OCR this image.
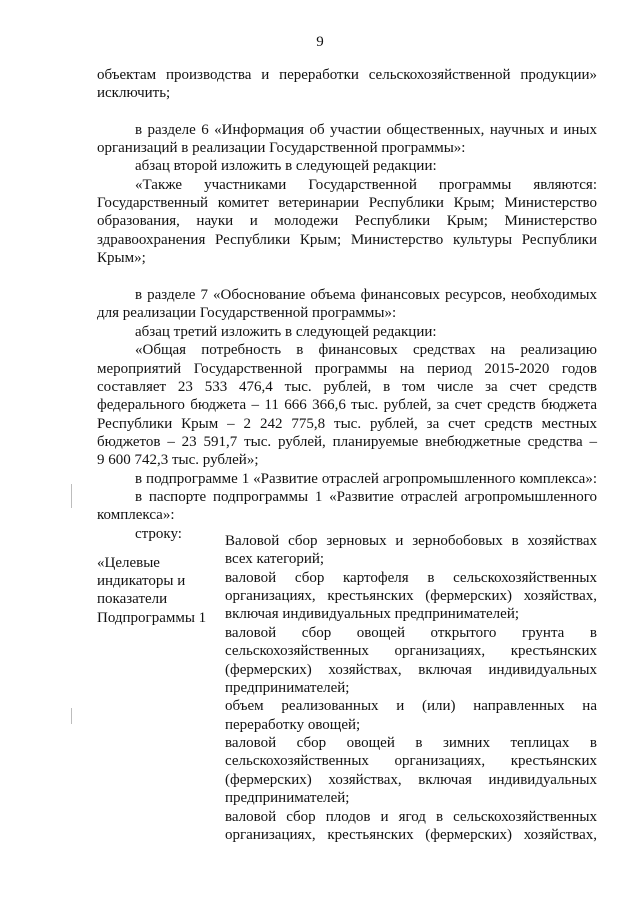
9
объектам производства и переработки сельскохозяйственной продукции»
исключить;
в разделе 6 «Информация об участии общественных, научных и иных
организаций в реализации Государственной программы»:
абзац второй изложить в следующей редакции:
«Также участниками Государственной программы являются:
Государственный комитет ветеринарии Республики Крым; Министерство
образования, науки и молодежи Республики Крым; Министерство
здравоохранения Республики Крым; Министерство культуры Республики
Крым»;
в разделе 7 «Обоснование объема финансовых ресурсов, необходимых
для реализации Государственной программы»:
абзац третий изложить в следующей редакции:
«Общая потребность в финансовых средствах на реализацию
мероприятий Государственной программы на период 2015-2020 годов
составляет 23 533 476,4 тыс. рублей, в том числе за счет средств
федерального бюджета – 11 666 366,6 тыс. рублей, за счет средств бюджета
Республики Крым – 2 242 775,8 тыс. рублей, за счет средств местных
бюджетов – 23 591,7 тыс. рублей, планируемые внебюджетные средства –
9 600 742,3 тыс. рублей»;
в подпрограмме 1 «Развитие отраслей агропромышленного комплекса»:
в паспорте подпрограммы 1 «Развитие отраслей агропромышленного
комплекса»:
строку:
«Целевые
индикаторы и
показатели
Подпрограммы 1
Валовой сбор зерновых и зернобобовых в хозяйствах
всех категорий;
валовой сбор картофеля в сельскохозяйственных
организациях, крестьянских (фермерских) хозяйствах,
включая индивидуальных предпринимателей;
валовой сбор овощей открытого грунта в
сельскохозяйственных организациях, крестьянских
(фермерских) хозяйствах, включая индивидуальных
предпринимателей;
объем реализованных и (или) направленных на
переработку овощей;
валовой сбор овощей в зимних теплицах в
сельскохозяйственных организациях, крестьянских
(фермерских) хозяйствах, включая индивидуальных
предпринимателей;
валовой сбор плодов и ягод в сельскохозяйственных
организациях, крестьянских (фермерских) хозяйствах,
